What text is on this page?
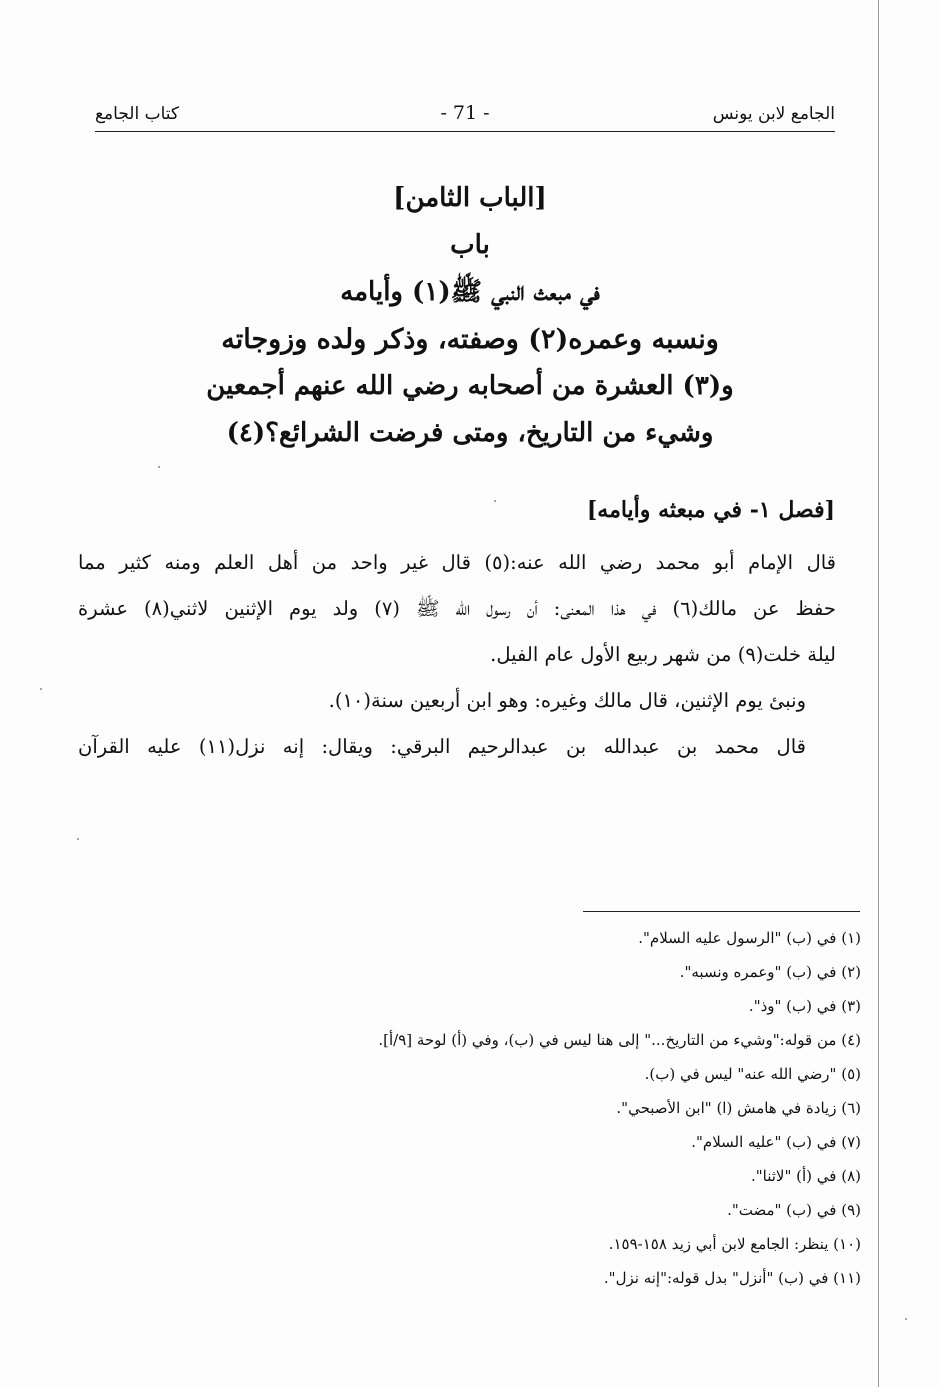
الجامع لابن يونس
- 71 -
كتاب الجامع
[الباب الثامن]
باب
في مبعث النبي ﷺ(١) وأيامه
ونسبه وعمره(٢) وصفته، وذكر ولده وزوجاته
و(٣) العشرة من أصحابه رضي الله عنهم أجمعين
وشيء من التاريخ، ومتى فرضت الشرائع؟(٤)
[فصل ١- في مبعثه وأيامه]
قال الإمام أبو محمد رضي الله عنه:(٥) قال غير واحد من أهل العلم ومنه كثير مما
حفظ عن مالك(٦) في هذا المعنى: أن رسول الله ﷺ (٧) ولد يوم الإثنين لاثني(٨) عشرة
ليلة خلت(٩) من شهر ربيع الأول عام الفيل.
ونبئ يوم الإثنين، قال مالك وغيره: وهو ابن أربعين سنة(١٠).
قال محمد بن عبدالله بن عبدالرحيم البرقي: ويقال: إنه نزل(١١) عليه القرآن
(١) في (ب) "الرسول عليه السلام".
(٢) في (ب) "وعمره ونسبه".
(٣) في (ب) "وذ".
(٤) من قوله:"وشيء من التاريخ..." إلى هنا ليس في (ب)، وفي (أ) لوحة [٩/أ].
(٥) "رضي الله عنه" ليس في (ب).
(٦) زيادة في هامش (ا) "ابن الأصبحي".
(٧) في (ب) "عليه السلام".
(٨) في (أ) "لاثنا".
(٩) في (ب) "مضت".
(١٠) ينظر: الجامع لابن أبي زيد ١٥٨-١٥٩.
(١١) في (ب) "أنزل" بدل قوله:"إنه نزل".
